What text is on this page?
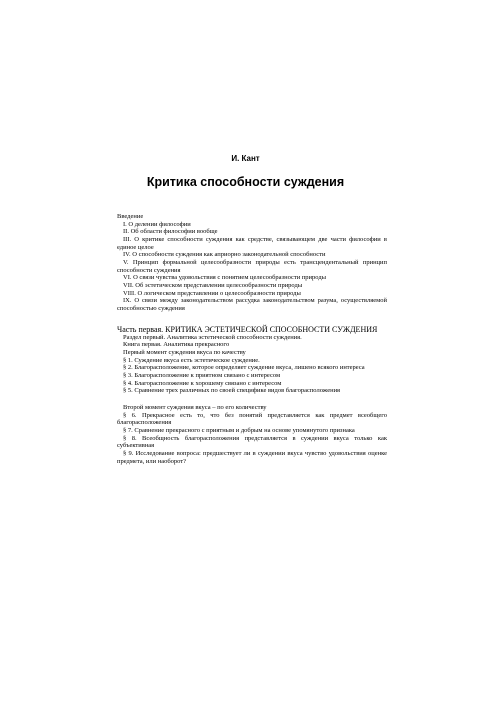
И. Кант
Критика способности суждения
Введение
I. О делении философии
II. Об области философии вообще
III. О критике способности суждения как средстве, связывающем две части философии в единое целое
IV. О способности суждения как априорно законодательной способности
V. Принцип формальной целесообразности природы есть трансцендентальный принцип способности суждения
VI. О связи чувства удовольствия с понятием целесообразности природы
VII. Об эстетическом представлении целесообразности природы
VIII. О логическом представлении о целесообразности природы
IX. О связи между законодательством рассудка законодательством разума, осуществляемой способностью суждения
Часть первая. КРИТИКА ЭСТЕТИЧЕСКОЙ СПОСОБНОСТИ СУЖДЕНИЯ
Раздел первый. Аналитика эстетической способности суждения.
Книга первая. Аналитика прекрасного
Первый момент суждения вкуса по качеству
§ 1. Суждение вкуса есть эстетическое суждение.
§ 2. Благорасположение, которое определяет суждение вкуса, лишено всякого интереса
§ 3. Благорасположение к приятном связано с интересом
§ 4. Благорасположение к хорошему связано с интересом
§ 5. Сравнение трех различных по своей специфике видов благорасположения
Второй момент суждения вкуса – по его количеству
§ 6. Прекрасное есть то, что без понятий представляется как предмет всеобщего благорасположения
§ 7. Сравнение прекрасного с приятным и добрым на основе упомянутого признака
§ 8. Всеобщность благорасположения представляется в суждении вкуса только как субъективная
§ 9. Исследование вопроса: предшествует ли в суждении вкуса чувство удовольствия оценке предмета, или наоборот?
